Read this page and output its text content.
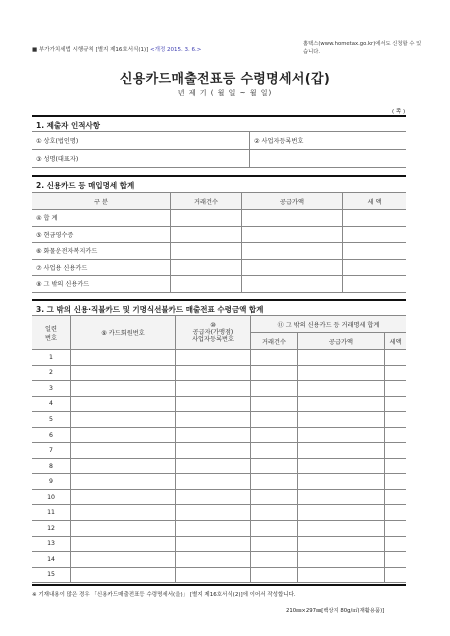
■ 부가가치세법 시행규칙 [별지 제16호서식(1)] <개정 2015. 3. 6.>
홈택스(www.hometax.go.kr)에서도 신청할 수 있습니다.
신용카드매출전표등 수령명세서(갑)
년 제 기 ( 월 일 ~ 월 일)
( 쪽 )
1. 제출자 인적사항
① 상호(법인명)	② 사업자등록번호
③ 성명(대표자)	
2. 신용카드 등 매입명세 합계
구 분	거래건수	공급가액	세 액
④ 합 계			
⑤ 현금영수증			
⑥ 화물운전자복지카드			
⑦ 사업용 신용카드			
⑧ 그 밖의 신용카드			
3. 그 밖의 신용·직불카드 및 기명식선불카드 매출전표 수령금액 합계
일련
번호	⑨ 카드회원번호	⑩
공급자(가맹점)
사업자등록번호	⑪ 그 밖의 신용카드 등 거래명세 합계		
			거래건수	공급가액	세액
1					
2					
3					
4					
5					
6					
7					
8					
9					
10					
11					
12					
13					
14					
15					
※ 기재내용이 많은 경우 「신용카드매출전표등 수령명세서(을)」 [별지 제16호서식(2)]에 이어서 작성합니다.
210㎜×297㎜[백상지 80g/㎡(재활용품)]
